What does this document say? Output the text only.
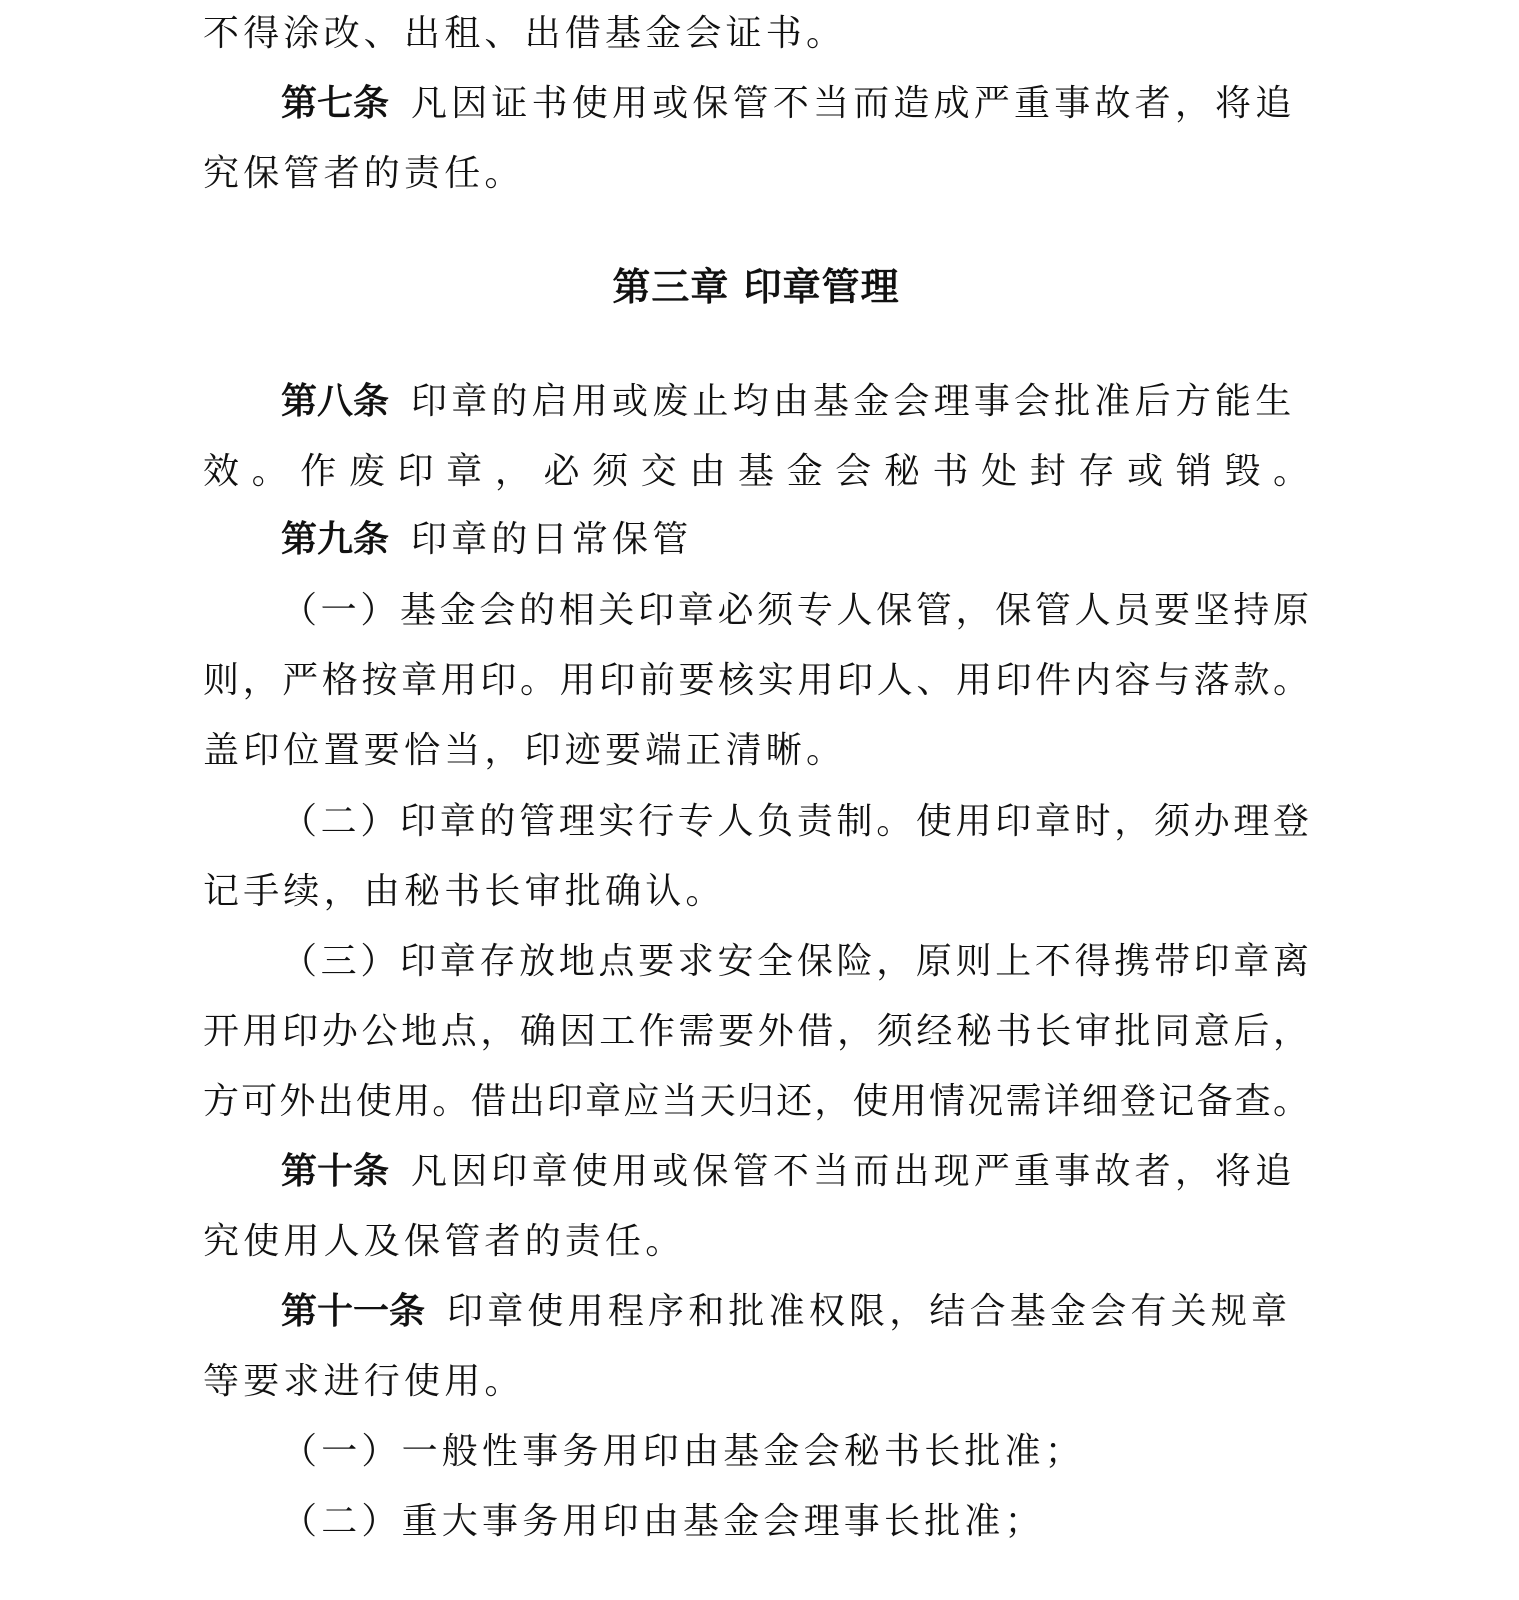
不得涂改、出租、出借基金会证书。
第七条 凡因证书使用或保管不当而造成严重事故者，将追
究保管者的责任。
第三章 印章管理
第八条 印章的启用或废止均由基金会理事会批准后方能生
效。作废印章，必须交由基金会秘书处封存或销毁。
第九条 印章的日常保管
（一）基金会的相关印章必须专人保管，保管人员要坚持原
则，严格按章用印。用印前要核实用印人、用印件内容与落款。
盖印位置要恰当，印迹要端正清晰。
（二）印章的管理实行专人负责制。使用印章时，须办理登
记手续，由秘书长审批确认。
（三）印章存放地点要求安全保险，原则上不得携带印章离
开用印办公地点，确因工作需要外借，须经秘书长审批同意后，
方可外出使用。借出印章应当天归还，使用情况需详细登记备查。
第十条 凡因印章使用或保管不当而出现严重事故者，将追
究使用人及保管者的责任。
第十一条 印章使用程序和批准权限，结合基金会有关规章
等要求进行使用。
（一）一般性事务用印由基金会秘书长批准；
（二）重大事务用印由基金会理事长批准；
